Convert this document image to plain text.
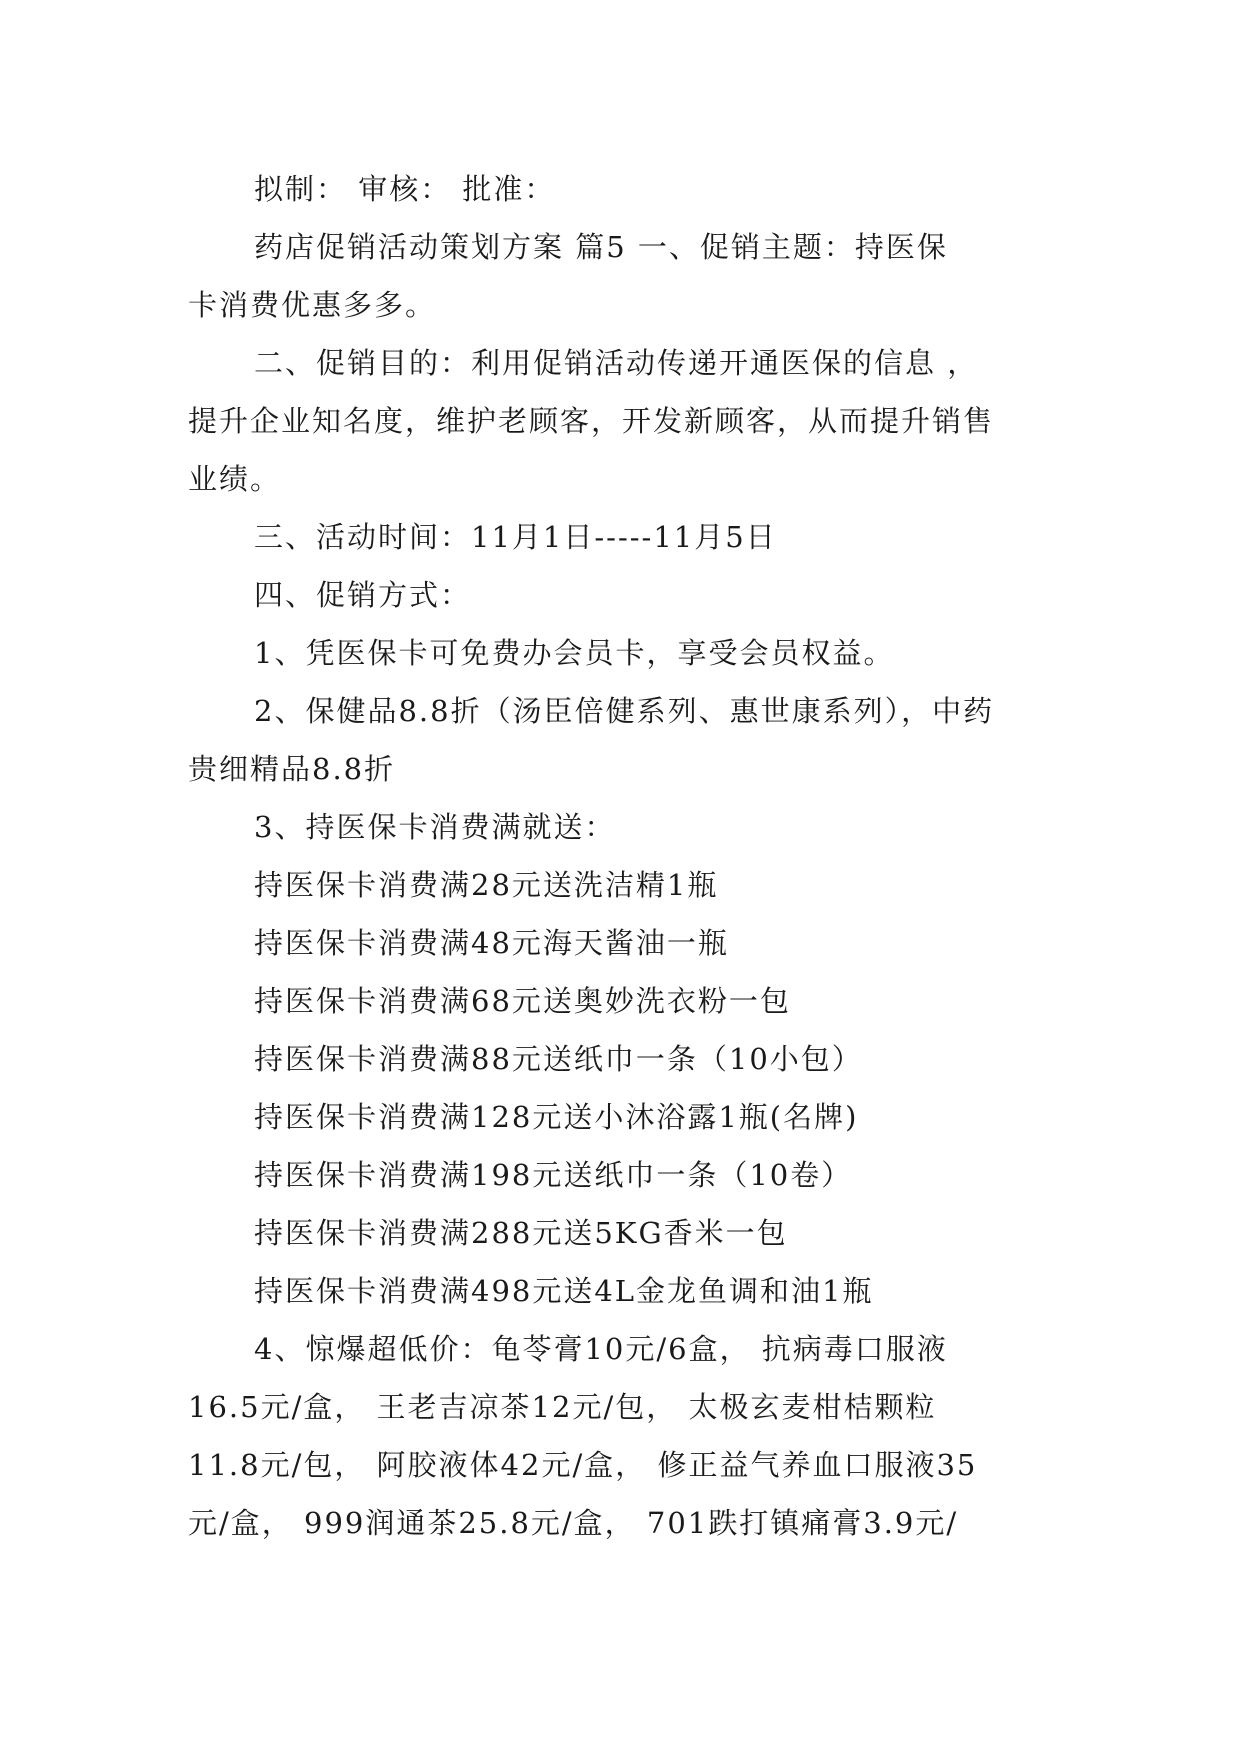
拟制： 审核： 批准：
药店促销活动策划方案 篇5 一、促销主题：持医保
卡消费优惠多多。
二、促销目的：利用促销活动传递开通医保的信息 ，
提升企业知名度，维护老顾客，开发新顾客，从而提升销售
业绩。
三、活动时间：11月1日-----11月5日
四、促销方式：
1、凭医保卡可免费办会员卡，享受会员权益。
2、保健品8.8折（汤臣倍健系列、惠世康系列），中药
贵细精品8.8折
3、持医保卡消费满就送：
持医保卡消费满28元送洗洁精1瓶
持医保卡消费满48元海天酱油一瓶
持医保卡消费满68元送奥妙洗衣粉一包
持医保卡消费满88元送纸巾一条（10小包）
持医保卡消费满128元送小沐浴露1瓶(名牌)
持医保卡消费满198元送纸巾一条（10卷）
持医保卡消费满288元送5KG香米一包
持医保卡消费满498元送4L金龙鱼调和油1瓶
4、惊爆超低价：龟苓膏10元/6盒， 抗病毒口服液
16.5元/盒， 王老吉凉茶12元/包， 太极玄麦柑桔颗粒
11.8元/包， 阿胶液体42元/盒， 修正益气养血口服液35
元/盒， 999润通茶25.8元/盒， 701跌打镇痛膏3.9元/
